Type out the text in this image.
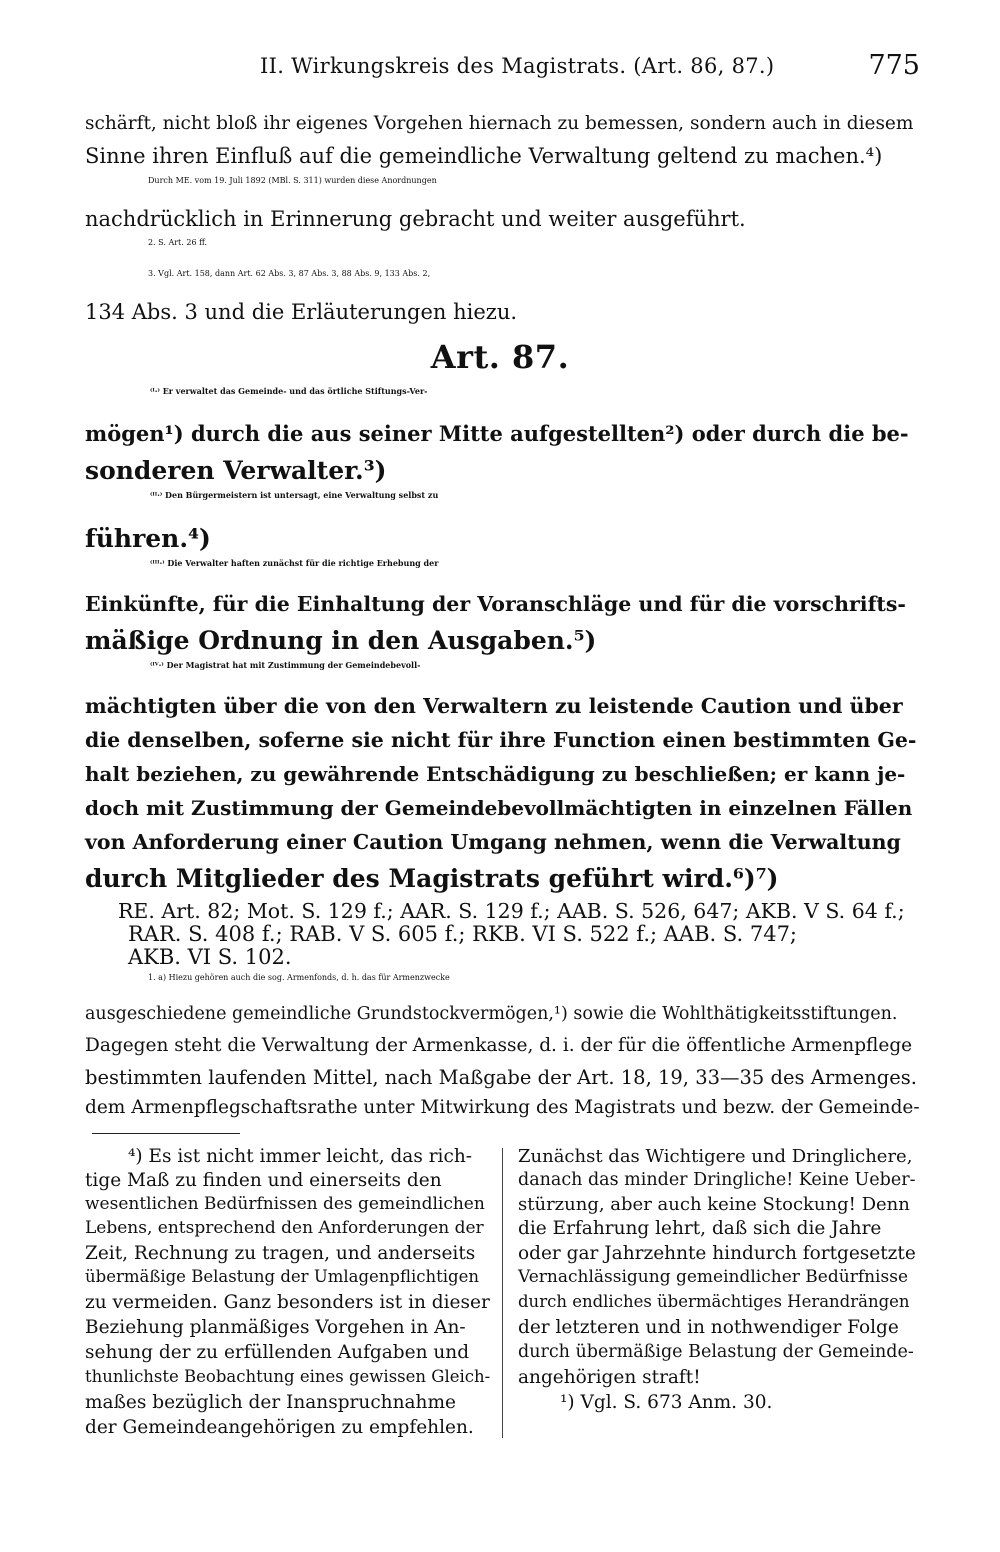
II. Wirkungskreis des Magistrats. (Art. 86, 87.)	775
schärft, nicht bloß ihr eigenes Vorgehen hiernach zu bemessen, sondern auch in diesem
Sinne ihren Einfluß auf die gemeindliche Verwaltung geltend zu machen.⁴)
Durch ME. vom 19. Juli 1892 (MBl. S. 311) wurden diese Anordnungen
nachdrücklich in Erinnerung gebracht und weiter ausgeführt.
2. S. Art. 26 ff.
3. Vgl. Art. 158, dann Art. 62 Abs. 3, 87 Abs. 3, 88 Abs. 9, 133 Abs. 2,
134 Abs. 3 und die Erläuterungen hiezu.
Art. 87.
⁽ᴵ·⁾ Er verwaltet das Gemeinde- und das örtliche Stiftungs-Ver-
mögen¹) durch die aus seiner Mitte aufgestellten²) oder durch die be-
sonderen Verwalter.³)
⁽ᴵᴵ·⁾ Den Bürgermeistern ist untersagt, eine Verwaltung selbst zu
führen.⁴)
⁽ᴵᴵᴵ·⁾ Die Verwalter haften zunächst für die richtige Erhebung der
Einkünfte, für die Einhaltung der Voranschläge und für die vorschrifts-
mäßige Ordnung in den Ausgaben.⁵)
⁽ᴵⱽ·⁾ Der Magistrat hat mit Zustimmung der Gemeindebevoll-
mächtigten über die von den Verwaltern zu leistende Caution und über
die denselben, soferne sie nicht für ihre Function einen bestimmten Ge-
halt beziehen, zu gewährende Entschädigung zu beschließen; er kann je-
doch mit Zustimmung der Gemeindebevollmächtigten in einzelnen Fällen
von Anforderung einer Caution Umgang nehmen, wenn die Verwaltung
durch Mitglieder des Magistrats geführt wird.⁶)⁷)
RE. Art. 82; Mot. S. 129 f.; AAR. S. 129 f.; AAB. S. 526, 647; AKB. V S. 64 f.;
RAR. S. 408 f.; RAB. V S. 605 f.; RKB. VI S. 522 f.; AAB. S. 747;
AKB. VI S. 102.
1. a) Hiezu gehören auch die sog. Armenfonds, d. h. das für Armenzwecke
ausgeschiedene gemeindliche Grundstockvermögen,¹) sowie die Wohlthätigkeitsstiftungen.
Dagegen steht die Verwaltung der Armenkasse, d. i. der für die öffentliche Armenpflege
bestimmten laufenden Mittel, nach Maßgabe der Art. 18, 19, 33—35 des Armenges.
dem Armenpflegschaftsrathe unter Mitwirkung des Magistrats und bezw. der Gemeinde-
⁴) Es ist nicht immer leicht, das rich-
tige Maß zu finden und einerseits den
wesentlichen Bedürfnissen des gemeindlichen
Lebens, entsprechend den Anforderungen der
Zeit, Rechnung zu tragen, und anderseits
übermäßige Belastung der Umlagenpflichtigen
zu vermeiden. Ganz besonders ist in dieser
Beziehung planmäßiges Vorgehen in An-
sehung der zu erfüllenden Aufgaben und
thunlichste Beobachtung eines gewissen Gleich-
maßes bezüglich der Inanspruchnahme
der Gemeindeangehörigen zu empfehlen.
Zunächst das Wichtigere und Dringlichere,
danach das minder Dringliche! Keine Ueber-
stürzung, aber auch keine Stockung! Denn
die Erfahrung lehrt, daß sich die Jahre
oder gar Jahrzehnte hindurch fortgesetzte
Vernachlässigung gemeindlicher Bedürfnisse
durch endliches übermächtiges Herandrängen
der letzteren und in nothwendiger Folge
durch übermäßige Belastung der Gemeinde-
angehörigen straft!
¹) Vgl. S. 673 Anm. 30.
